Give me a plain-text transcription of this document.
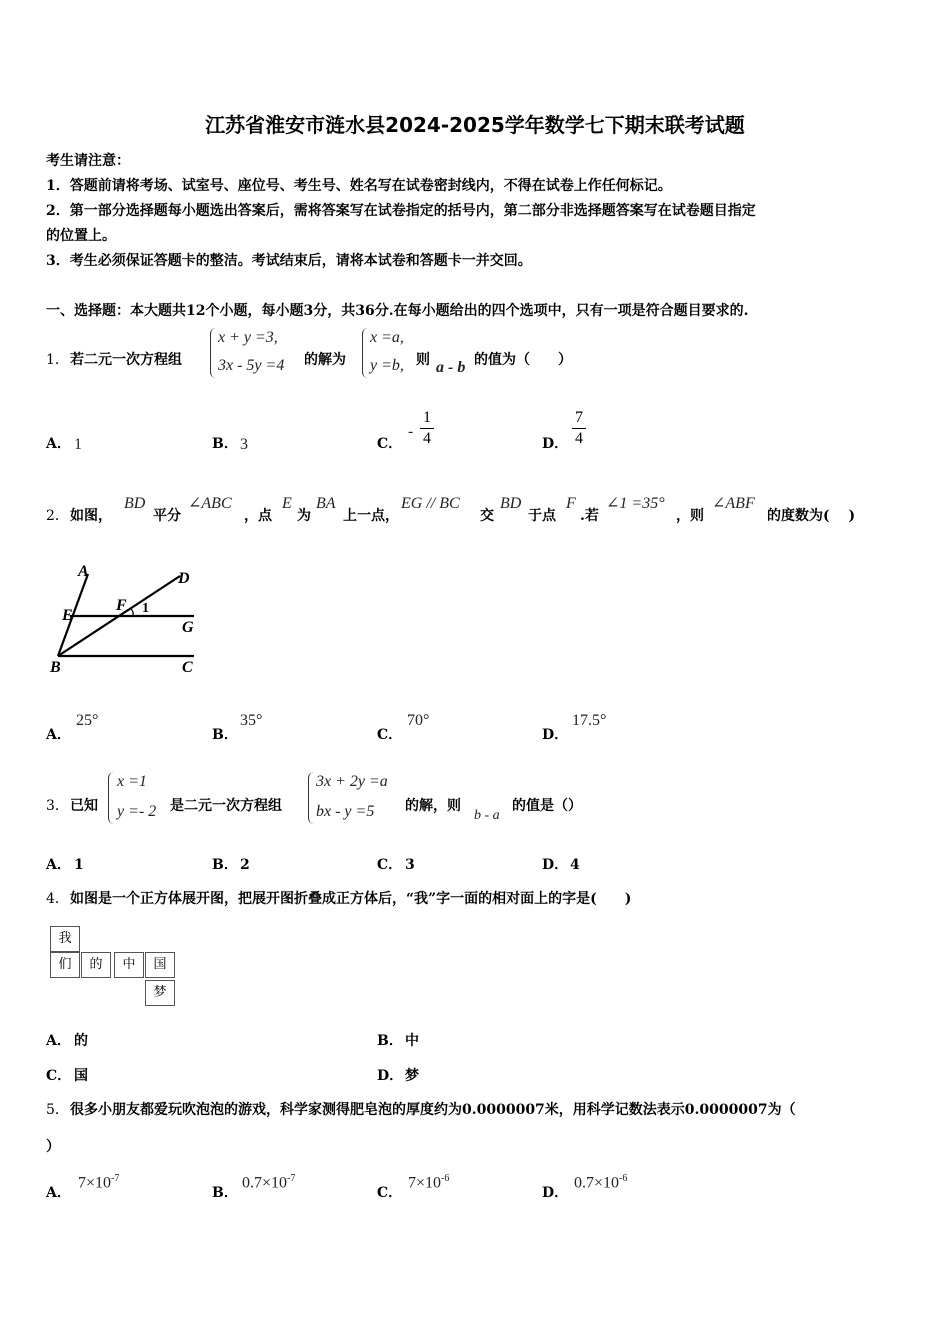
江苏省淮安市涟水县2024-2025学年数学七下期末联考试题
考生请注意：
1．答题前请将考场、试室号、座位号、考生号、姓名写在试卷密封线内，不得在试卷上作任何标记。
2．第一部分选择题每小题选出答案后，需将答案写在试卷指定的括号内，第二部分非选择题答案写在试卷题目指定
的位置上。
3．考生必须保证答题卡的整洁。考试结束后，请将本试卷和答题卡一并交回。
一、选择题：本大题共12个小题，每小题3分，共36分.在每小题给出的四个选项中，只有一项是符合题目要求的.
1． 若二元一次方程组
x + y =3,
3x - 5y =4 的解为
x =a,
y =b, 则 a - b 的值为（　　）
A． 1	B． 3	C．
-
1
4	D．
7
4
2． 如图，
BD
平分
∠ABC
，点
E
为
BA
上一点，
EG // BC
交
BD
于点
F
.若
∠1 =35°
，则
∠ABF
的度数为(　 )
A	D
E
F 1
G
B	C
A．
25°
B．
35°
C．
70°
D．
17.5°
3． 已知
x =1
y =- 2 是二元一次方程组
3x + 2y =a
bx - y =5 的解，则
b - a
的值是（）
A． 1	B． 2	C． 3	D． 4
4． 如图是一个正方体展开图，把展开图折叠成正方体后，“我”字一面的相对面上的字是(　　)
我
们	的	中	国
梦
A． 的	B． 中
C． 国	D． 梦
5． 很多小朋友都爱玩吹泡泡的游戏，科学家测得肥皂泡的厚度约为0.0000007米，用科学记数法表示0.0000007为（
）
A．
$7\times 10^{-7}$
B．
$0.7\times 10^{-7}$
C．
$7\times 10^{-6}$
D．
$0.7\times 10^{-6}$
